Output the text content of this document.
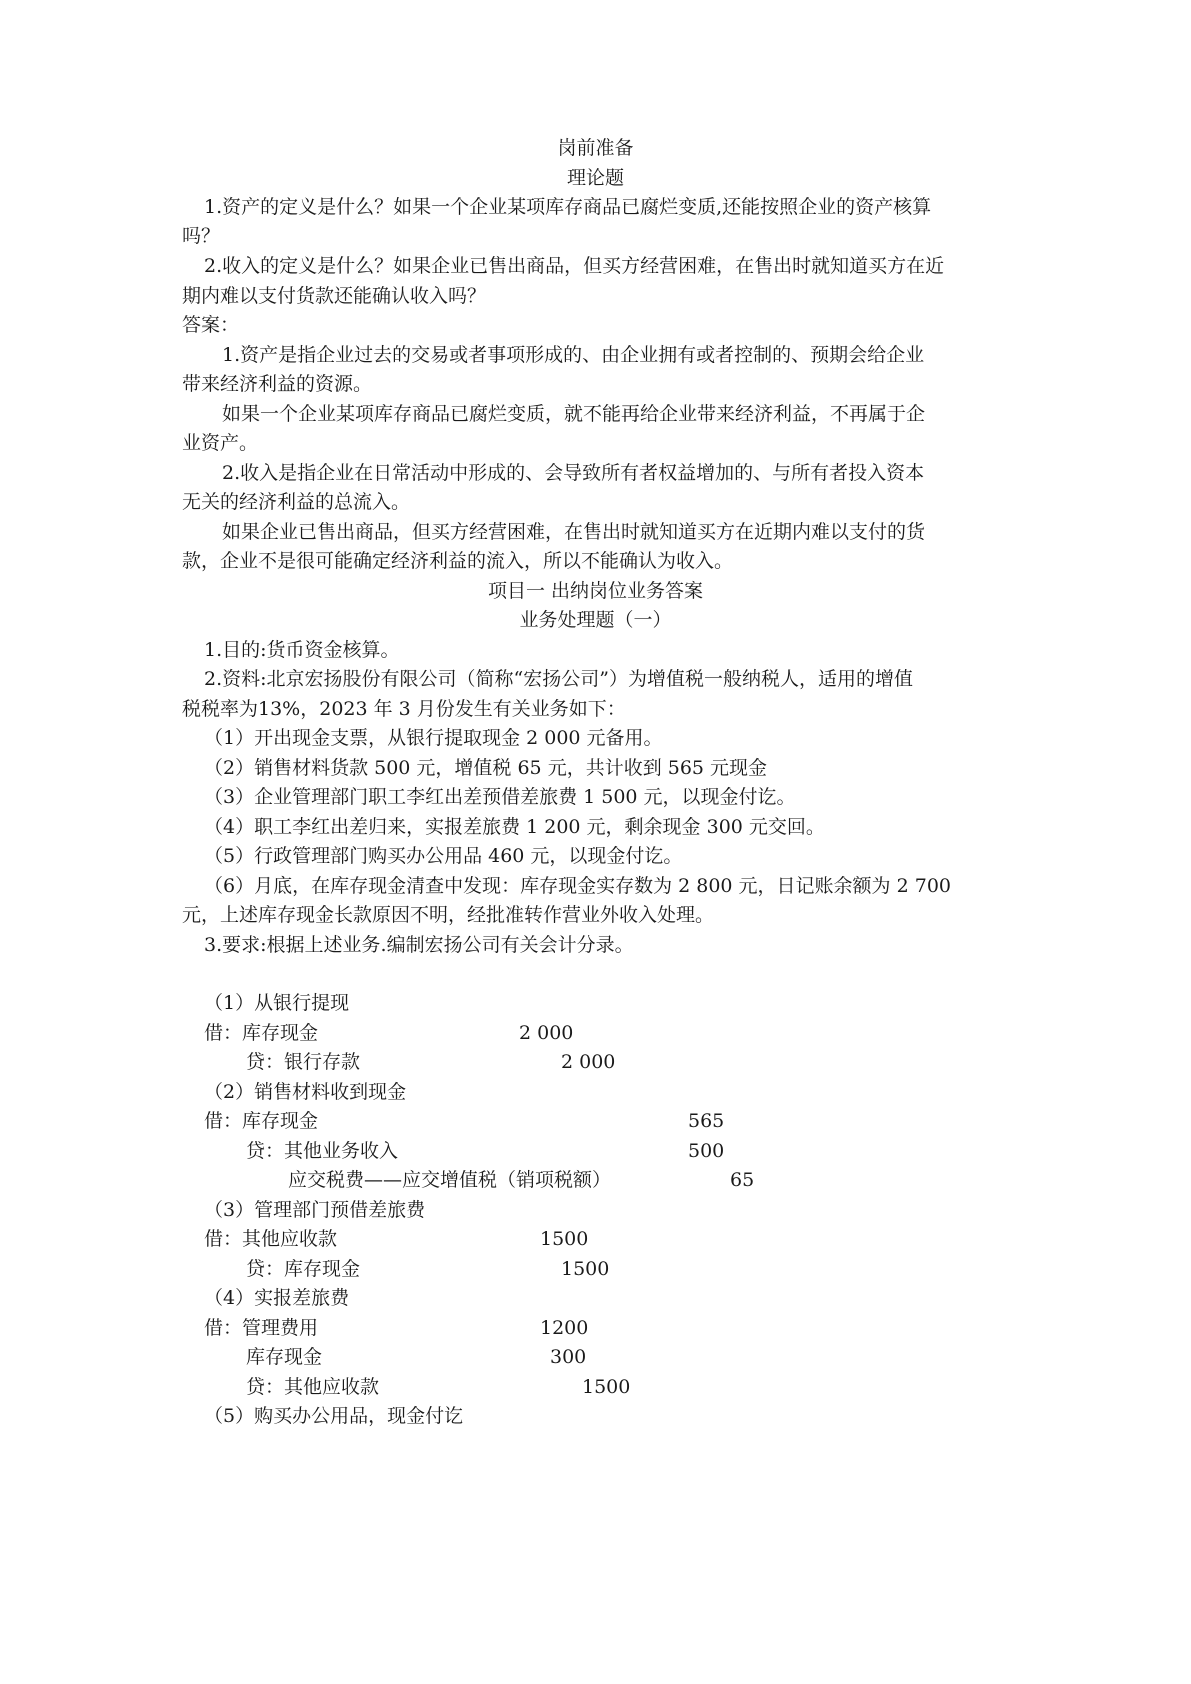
岗前准备
理论题
1.资产的定义是什么？如果一个企业某项库存商品已腐烂变质,还能按照企业的资产核算
吗？
2.收入的定义是什么？如果企业已售出商品，但买方经营困难，在售出时就知道买方在近
期内难以支付货款还能确认收入吗？
答案：
1.资产是指企业过去的交易或者事项形成的、由企业拥有或者控制的、预期会给企业
带来经济利益的资源。
如果一个企业某项库存商品已腐烂变质，就不能再给企业带来经济利益，不再属于企
业资产。
2.收入是指企业在日常活动中形成的、会导致所有者权益增加的、与所有者投入资本
无关的经济利益的总流入。
如果企业已售出商品，但买方经营困难，在售出时就知道买方在近期内难以支付的货
款，企业不是很可能确定经济利益的流入，所以不能确认为收入。
项目一 出纳岗位业务答案
业务处理题（一）
1.目的:货币资金核算。
2.资料:北京宏扬股份有限公司（简称“宏扬公司”）为增值税一般纳税人，适用的增值
税税率为13%，2023 年 3 月份发生有关业务如下：
（1）开出现金支票，从银行提取现金 2 000 元备用。
（2）销售材料货款 500 元，增值税 65 元，共计收到 565 元现金
（3）企业管理部门职工李红出差预借差旅费 1 500 元，以现金付讫。
（4）职工李红出差归来，实报差旅费 1 200 元，剩余现金 300 元交回。
（5）行政管理部门购买办公用品 460 元，以现金付讫。
（6）月底，在库存现金清查中发现：库存现金实存数为 2 800 元，日记账余额为 2 700
元，上述库存现金长款原因不明，经批准转作营业外收入处理。
3.要求:根据上述业务.编制宏扬公司有关会计分录。
（1）从银行提现
借：库存现金	2 000
贷：银行存款	2 000
（2）销售材料收到现金
借：库存现金	565
贷：其他业务收入	500
应交税费——应交增值税（销项税额）	65
（3）管理部门预借差旅费
借：其他应收款	1500
贷：库存现金	1500
（4）实报差旅费
借：管理费用	1200
库存现金	300
贷：其他应收款	1500
（5）购买办公用品，现金付讫
